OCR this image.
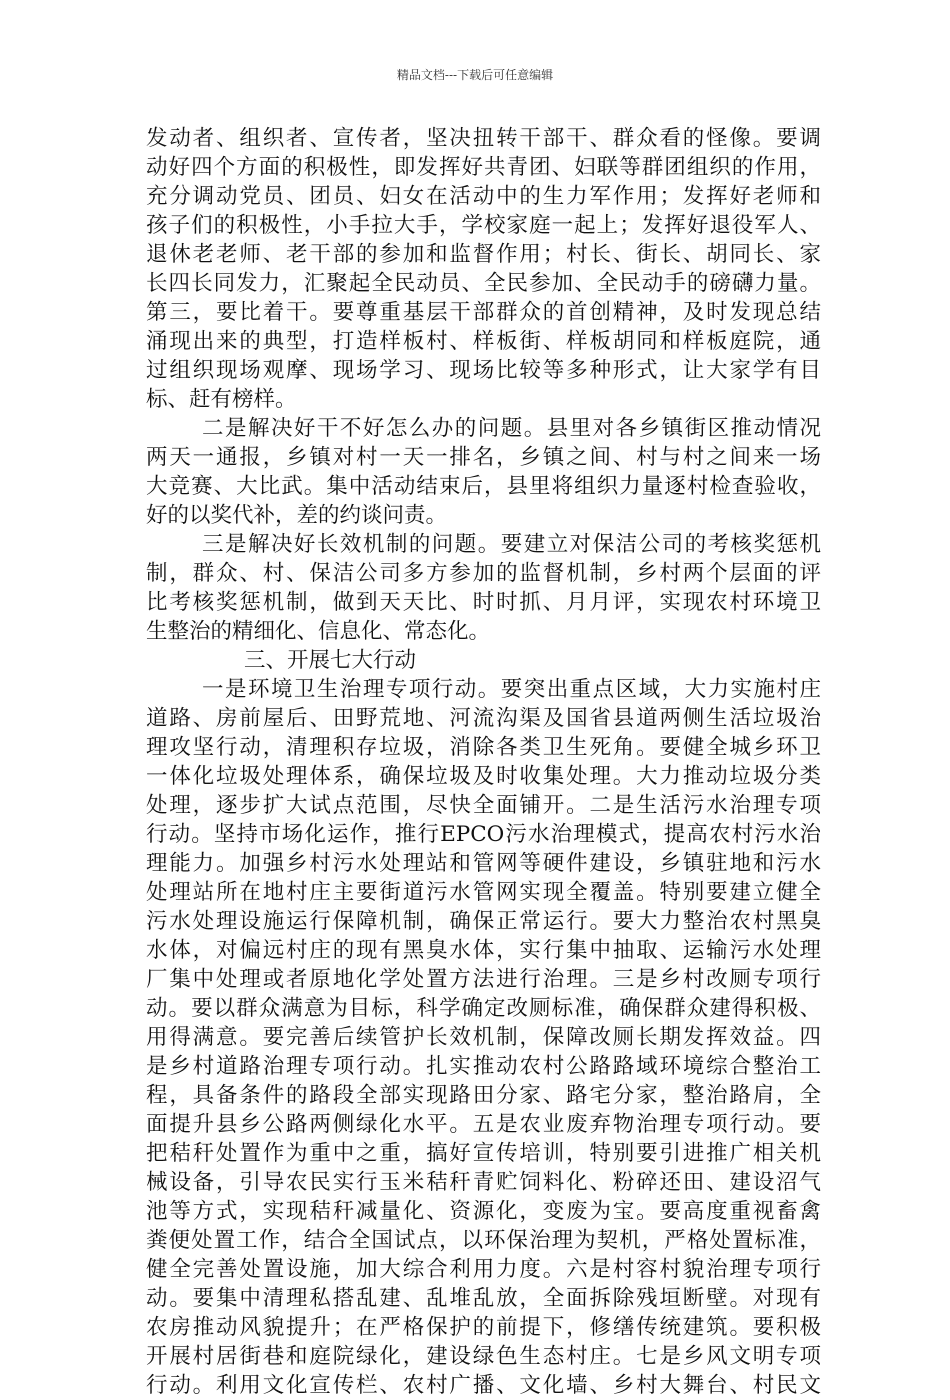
精品文档---下载后可任意编辑
发动者、组织者、宣传者，坚决扭转干部干、群众看的怪像。要调
动好四个方面的积极性，即发挥好共青团、妇联等群团组织的作用，
充分调动党员、团员、妇女在活动中的生力军作用；发挥好老师和
孩子们的积极性，小手拉大手，学校家庭一起上；发挥好退役军人、
退休老老师、老干部的参加和监督作用；村长、街长、胡同长、家
长四长同发力，汇聚起全民动员、全民参加、全民动手的磅礴力量。
第三，要比着干。要尊重基层干部群众的首创精神，及时发现总结
涌现出来的典型，打造样板村、样板街、样板胡同和样板庭院，通
过组织现场观摩、现场学习、现场比较等多种形式，让大家学有目
标、赶有榜样。
二是解决好干不好怎么办的问题。县里对各乡镇街区推动情况
两天一通报，乡镇对村一天一排名，乡镇之间、村与村之间来一场
大竞赛、大比武。集中活动结束后，县里将组织力量逐村检查验收，
好的以奖代补，差的约谈问责。
三是解决好长效机制的问题。要建立对保洁公司的考核奖惩机
制，群众、村、保洁公司多方参加的监督机制，乡村两个层面的评
比考核奖惩机制，做到天天比、时时抓、月月评，实现农村环境卫
生整治的精细化、信息化、常态化。
三、开展七大行动
一是环境卫生治理专项行动。要突出重点区域，大力实施村庄
道路、房前屋后、田野荒地、河流沟渠及国省县道两侧生活垃圾治
理攻坚行动，清理积存垃圾，消除各类卫生死角。要健全城乡环卫
一体化垃圾处理体系，确保垃圾及时收集处理。大力推动垃圾分类
处理，逐步扩大试点范围，尽快全面铺开。二是生活污水治理专项
行动。坚持市场化运作，推行EPCO污水治理模式，提高农村污水治
理能力。加强乡村污水处理站和管网等硬件建设，乡镇驻地和污水
处理站所在地村庄主要街道污水管网实现全覆盖。特别要建立健全
污水处理设施运行保障机制，确保正常运行。要大力整治农村黑臭
水体，对偏远村庄的现有黑臭水体，实行集中抽取、运输污水处理
厂集中处理或者原地化学处置方法进行治理。三是乡村改厕专项行
动。要以群众满意为目标，科学确定改厕标准，确保群众建得积极、
用得满意。要完善后续管护长效机制，保障改厕长期发挥效益。四
是乡村道路治理专项行动。扎实推动农村公路路域环境综合整治工
程，具备条件的路段全部实现路田分家、路宅分家，整治路肩，全
面提升县乡公路两侧绿化水平。五是农业废弃物治理专项行动。要
把秸秆处置作为重中之重，搞好宣传培训，特别要引进推广相关机
械设备，引导农民实行玉米秸秆青贮饲料化、粉碎还田、建设沼气
池等方式，实现秸秆减量化、资源化，变废为宝。要高度重视畜禽
粪便处置工作，结合全国试点，以环保治理为契机，严格处置标准，
健全完善处置设施，加大综合利用力度。六是村容村貌治理专项行
动。要集中清理私搭乱建、乱堆乱放，全面拆除残垣断壁。对现有
农房推动风貌提升；在严格保护的前提下，修缮传统建筑。要积极
开展村居街巷和庭院绿化，建设绿色生态村庄。七是乡风文明专项
行动。利用文化宣传栏、农村广播、文化墙、乡村大舞台、村民文
